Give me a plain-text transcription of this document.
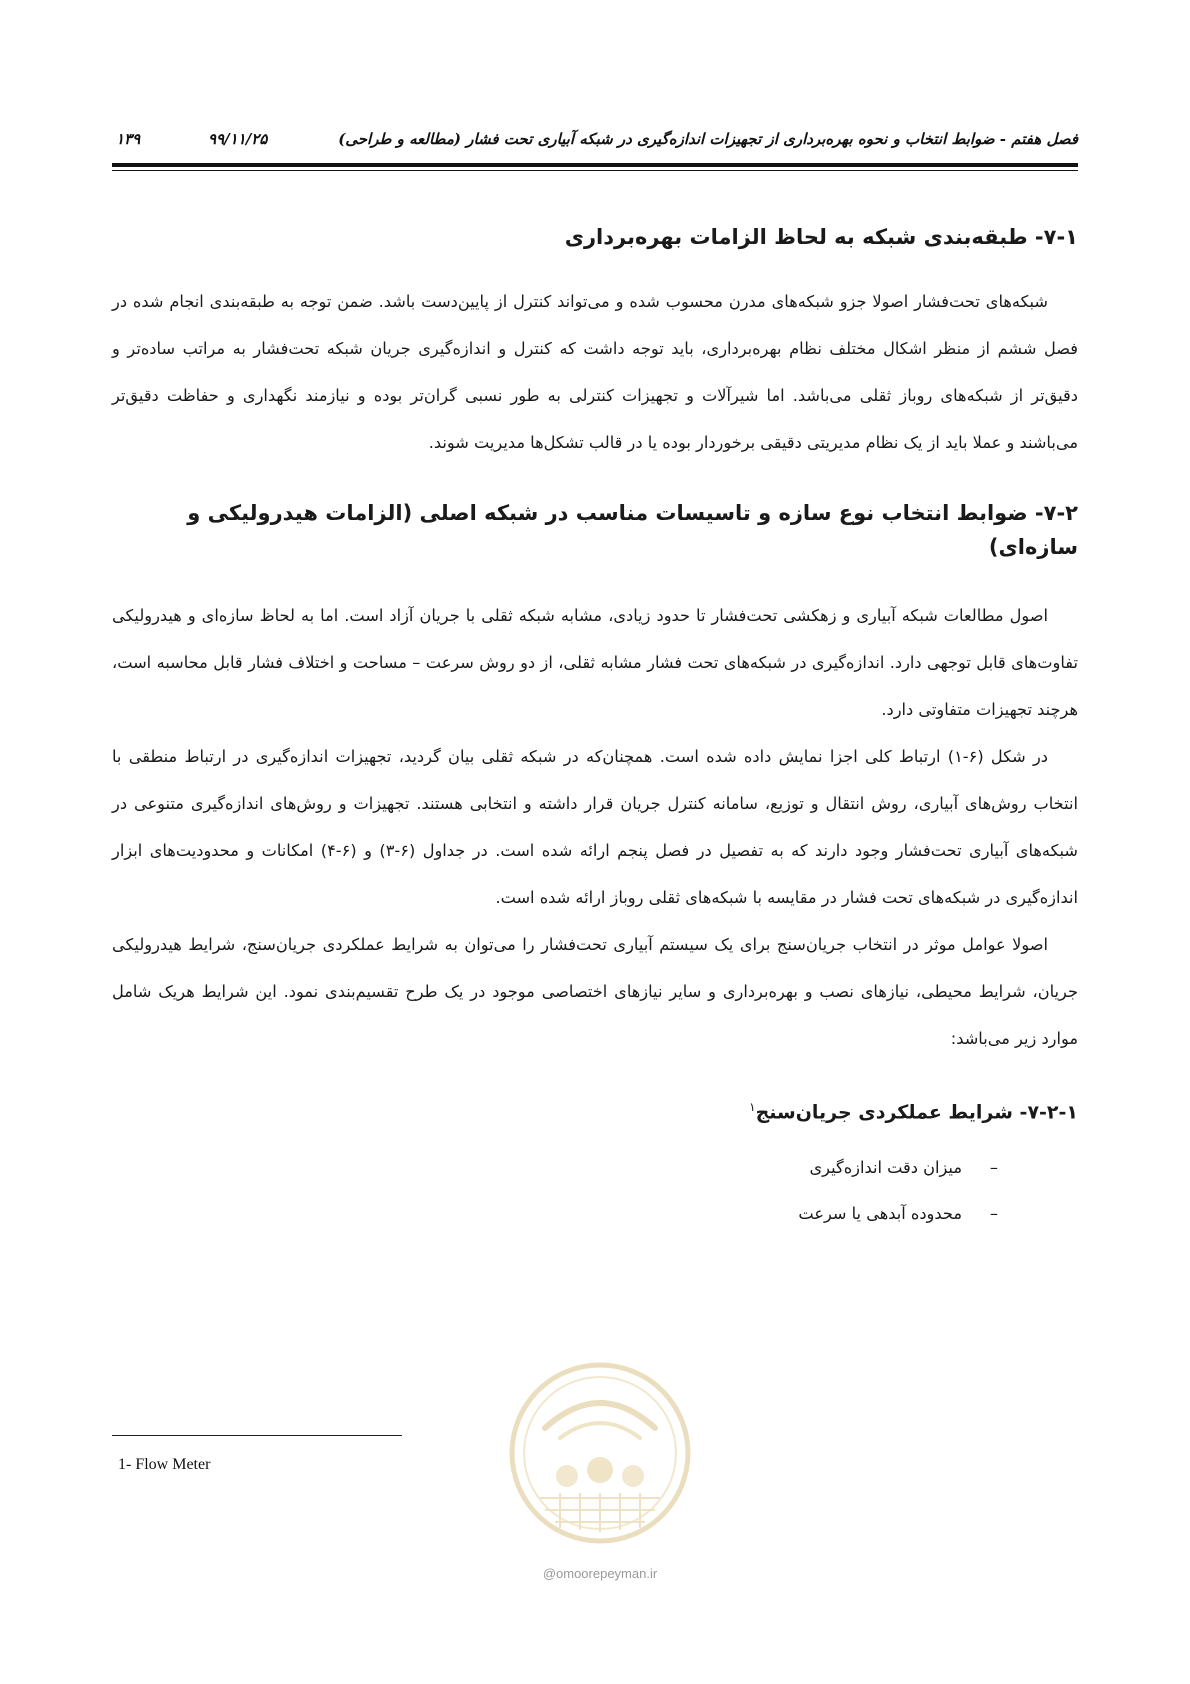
فصل هفتم - ضوابط انتخاب و نحوه بهره‌برداری از تجهیزات اندازه‌گیری در شبکه آبیاری تحت فشار (مطالعه و طراحی)
۹۹/۱۱/۲۵
۱۳۹
۷-۱- طبقه‌بندی شبکه به لحاظ الزامات بهره‌برداری

شبکه‌های تحت‌فشار اصولا جزو شبکه‌های مدرن محسوب شده و می‌تواند کنترل از پایین‌دست باشد. ضمن توجه به طبقه‌بندی انجام شده در فصل ششم از منظر اشکال مختلف نظام بهره‌برداری، باید توجه داشت که کنترل و اندازه‌گیری جریان شبکه تحت‌فشار به مراتب ساده‌تر و دقیق‌تر از شبکه‌های روباز ثقلی می‌باشد. اما شیرآلات و تجهیزات کنترلی به طور نسبی گران‌تر بوده و نیازمند نگهداری و حفاظت دقیق‌تر می‌باشند و عملا باید از یک نظام مدیریتی دقیقی برخوردار بوده یا در قالب تشکل‌ها مدیریت شوند.

۷-۲- ضوابط انتخاب نوع سازه و تاسیسات مناسب در شبکه اصلی (الزامات هیدرولیکی و سازه‌ای)

اصول مطالعات شبکه آبیاری و زهکشی تحت‌فشار تا حدود زیادی، مشابه شبکه ثقلی با جریان آزاد است. اما به لحاظ سازه‌ای و هیدرولیکی تفاوت‌های قابل توجهی دارد. اندازه‌گیری در شبکه‌های تحت فشار مشابه ثقلی، از دو روش سرعت – مساحت و اختلاف فشار قابل محاسبه است، هرچند تجهیزات متفاوتی دارد.

در شکل (۶-۱) ارتباط کلی اجزا نمایش داده شده است. همچنان‌که در شبکه ثقلی بیان گردید، تجهیزات اندازه‌گیری در ارتباط منطقی با انتخاب روش‌های آبیاری، روش انتقال و توزیع، سامانه کنترل جریان قرار داشته و انتخابی هستند. تجهیزات و روش‌های اندازه‌گیری متنوعی در شبکه‌های آبیاری تحت‌فشار وجود دارند که به تفصیل در فصل پنجم ارائه شده است. در جداول (۶-۳) و (۶-۴) امکانات و محدودیت‌های ابزار اندازه‌گیری در شبکه‌های تحت فشار در مقایسه با شبکه‌های ثقلی روباز ارائه شده است.

اصولا عوامل موثر در انتخاب جریان‌سنج برای یک سیستم آبیاری تحت‌فشار را می‌توان به شرایط عملکردی جریان‌سنج، شرایط هیدرولیکی جریان، شرایط محیطی، نیازهای نصب و بهره‌برداری و سایر نیازهای اختصاصی موجود در یک طرح تقسیم‌بندی نمود. این شرایط هریک شامل موارد زیر می‌باشد:

۷-۲-۱- شرایط عملکردی جریان‌سنج$^۱$
–میزان دقت اندازه‌گیری
–محدوده آبدهی یا سرعت
1- Flow Meter
@omoorepeyman.ir
